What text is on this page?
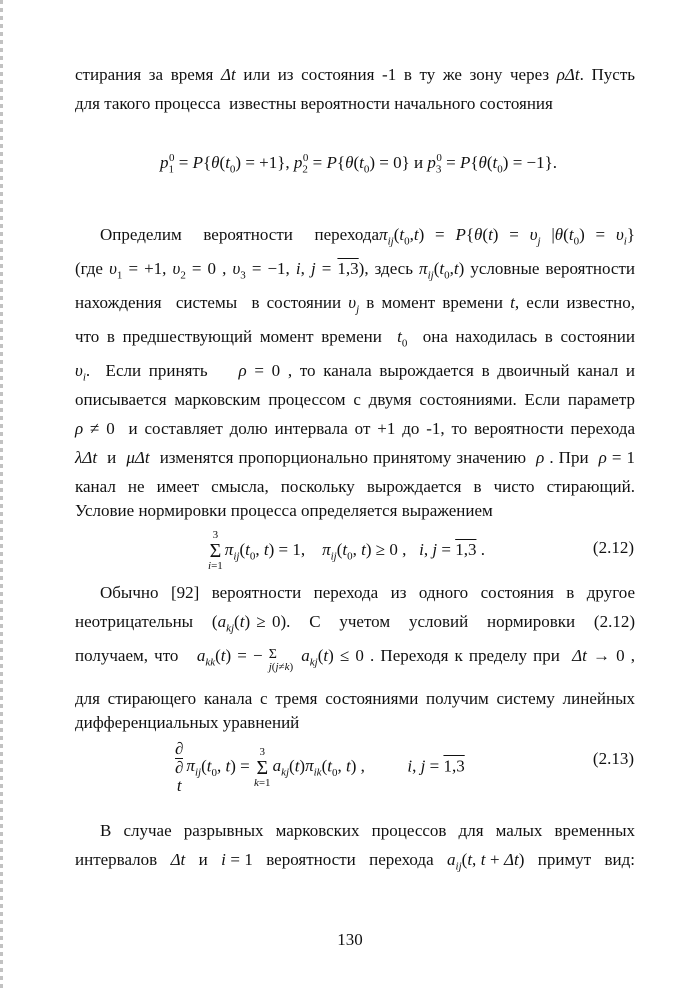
стирания за время Δt или из состояния -1 в ту же зону через ρΔt. Пусть
для такого процесса  известны вероятности начального состояния
$p_1^0 = P\{\theta(t_0) = +1\}$, $p_2^0 = P\{\theta(t_0) = 0\}$ и $p_3^0 = P\{\theta(t_0) = -1\}$.
Определим  вероятности  $перехода\pi_{ij}(t_0,t) = P\{\theta(t) = \upsilon_j$ $|\theta(t_0) = \upsilon_i$}
(где $\upsilon_1 = +1$, $\upsilon_2 = 0$ , $\upsilon_3 = -1$, i, j = 1,3), здесь $\pi_{ij}(t_0,t)$ условные вероятности
нахождения  системы  в состоянии $\upsilon_j$ в момент времени t, если известно,
что в предшествующий момент времени  $t_0$  она находилась в состоянии
$\upsilon_i$.  Если принять    ρ = 0 , то канала вырождается в двоичный канал и
описывается марковским процессом с двумя состояниями. Если параметр
ρ ≠ 0  и составляет долю интервала от +1 до -1, то вероятности перехода
λΔt  и  μΔt  изменятся пропорционально принятому значению  ρ . При  ρ = 1
канал  не  имеет  смысла,  поскольку  вырождается  в  чисто  стирающий.
Условие нормировки процесса определяется выражением
3
Σ
i=1
$\pi_{ij}(t_0$, t) = 1,    $\pi_{ij}(t_0$, t) ≥ 0 ,   i, j = 1,3 .	(2.12)
Обычно  [92]  вероятности  перехода  из  одного  состояния  в  другое
неотрицательны   $(a_{kj}(t) \ge 0)$.   С   учетом   условий   нормировки   (2.12)
получаем, что   $a_{kk}(t)$ = − Σ
j(j≠k)
$a_{kj}(t) \le 0$ . Переходя к пределу при  Δt → 0 ,
для стирающего канала с тремя состояниями получим систему линейных
дифференциальных уравнений
∂
∂
t $\pi_{ij}(t_0$, t) =
3
Σ
k=1
$a_{kj}(t)\pi_{ik}(t_0$, t) ,          i, j = 1,3	(2.13)
В  случае  разрывных  марковских  процессов  для  малых  временных
интервалов   Δt   и   i = 1   вероятности   перехода   $a_{ij}(t$, t + Δt)   примут   вид:
130
